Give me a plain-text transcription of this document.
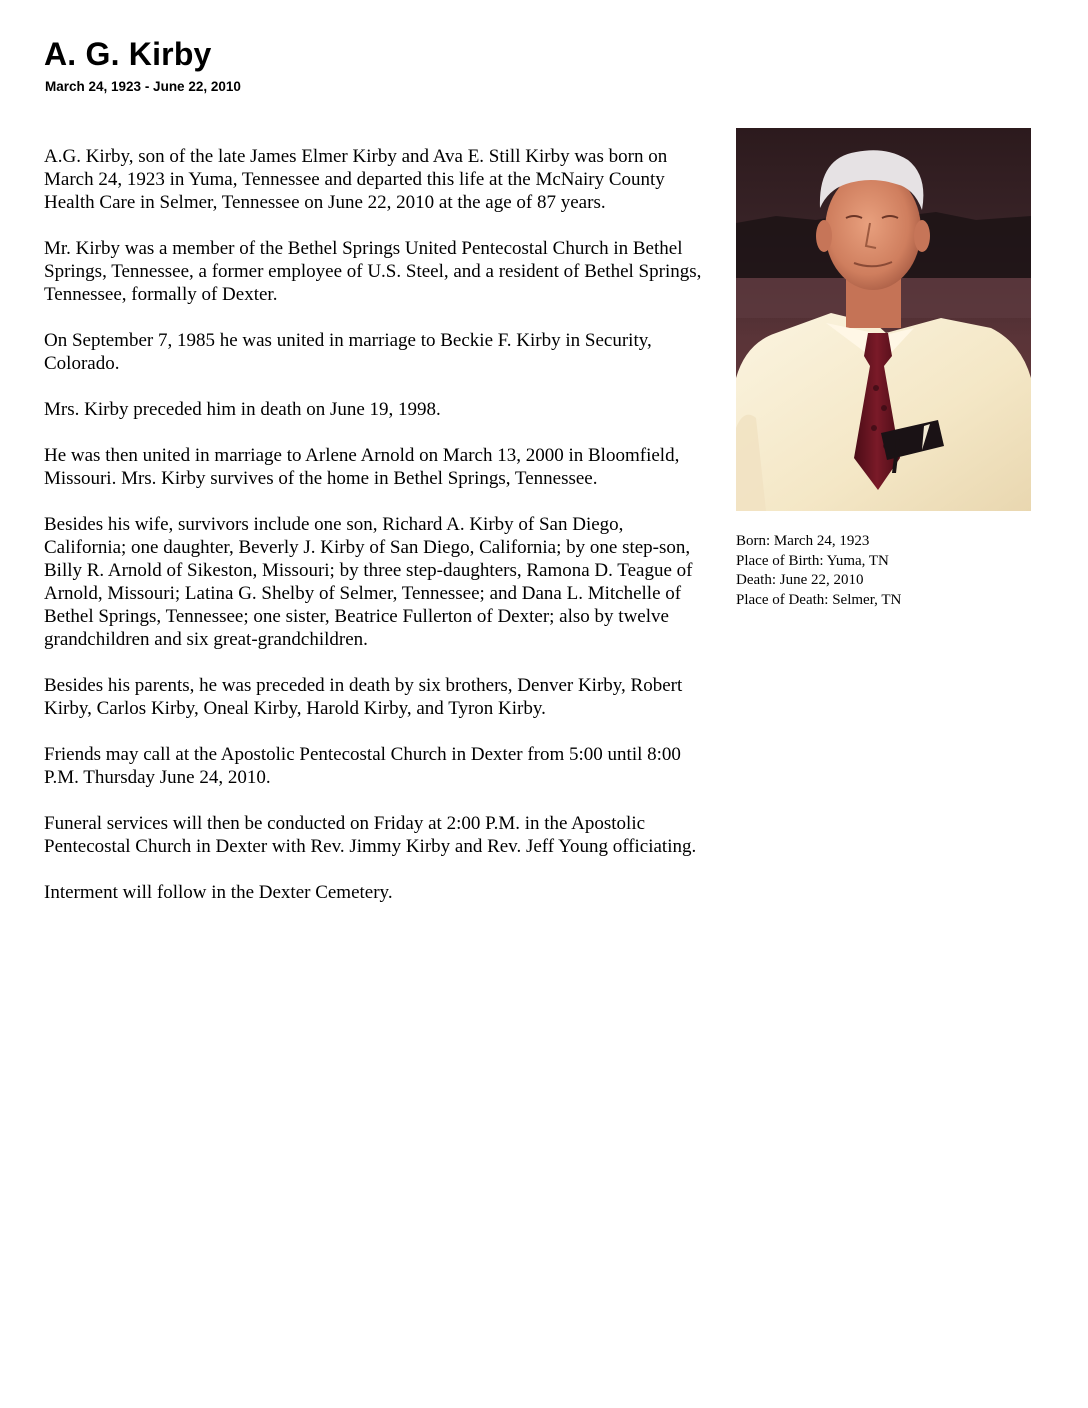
A. G. Kirby
March 24, 1923 - June 22, 2010

A.G. Kirby, son of the late James Elmer Kirby and Ava E. Still Kirby was born on March 24, 1923 in Yuma, Tennessee and departed this life at the McNairy County Health Care in Selmer, Tennessee on June 22, 2010 at the age of 87 years.

Mr. Kirby was a member of the Bethel Springs United Pentecostal Church in Bethel Springs, Tennessee, a former employee of U.S. Steel, and a resident of Bethel Springs, Tennessee, formally of Dexter.

On September 7, 1985 he was united in marriage to Beckie F. Kirby in Security, Colorado.

Mrs. Kirby preceded him in death on June 19, 1998.

He was then united in marriage to Arlene Arnold on March 13, 2000 in Bloomfield, Missouri. Mrs. Kirby survives of the home in Bethel Springs, Tennessee.

Besides his wife, survivors include one son, Richard A. Kirby of San Diego, California; one daughter, Beverly J. Kirby of San Diego, California; by one step-son, Billy R. Arnold of Sikeston, Missouri; by three step-daughters, Ramona D. Teague of Arnold, Missouri; Latina G. Shelby of Selmer, Tennessee; and Dana L. Mitchelle of Bethel Springs, Tennessee; one sister, Beatrice Fullerton of Dexter; also by twelve grandchildren and six great-grandchildren.

Besides his parents, he was preceded in death by six brothers, Denver Kirby, Robert Kirby, Carlos Kirby, Oneal Kirby, Harold Kirby, and Tyron Kirby.

Friends may call at the Apostolic Pentecostal Church in Dexter from 5:00 until 8:00 P.M. Thursday June 24, 2010.

Funeral services will then be conducted on Friday at 2:00 P.M. in the Apostolic Pentecostal Church in Dexter with Rev. Jimmy Kirby and Rev. Jeff Young officiating.

Interment will follow in the Dexter Cemetery.

Born: March 24, 1923
Place of Birth: Yuma, TN
Death: June 22, 2010
Place of Death: Selmer, TN
